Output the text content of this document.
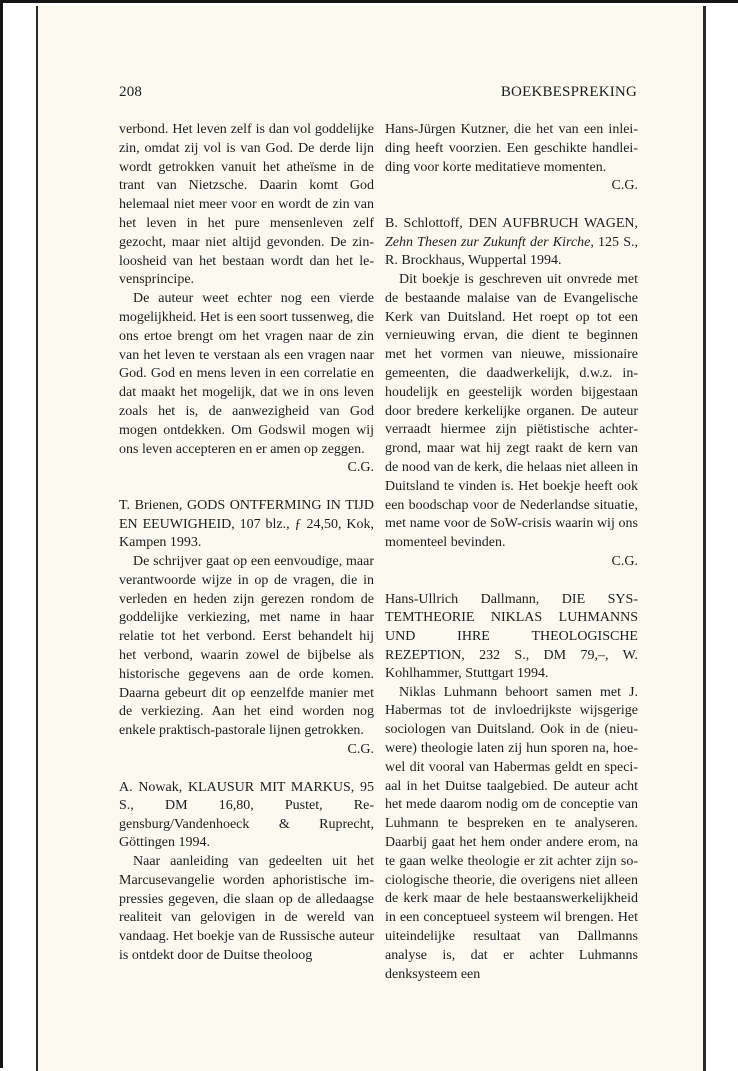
208	BOEKBESPREKING

verbond. Het leven zelf is dan vol goddelijke zin, omdat zij vol is van God. De derde lijn wordt getrokken vanuit het atheïsme in de trant van Nietzsche. Daarin komt God helemaal niet meer voor en wordt de zin van het leven in het pure mensenleven zelf gezocht, maar niet altijd gevonden. De zinloosheid van het bestaan wordt dan het levensprincipe.

De auteur weet echter nog een vierde mogelijkheid. Het is een soort tussenweg, die ons ertoe brengt om het vragen naar de zin van het leven te verstaan als een vragen naar God. God en mens leven in een correlatie en dat maakt het mogelijk, dat we in ons leven zoals het is, de aanwezigheid van God mogen ontdekken. Om Godswil mogen wij ons leven accepteren en er amen op zeggen.

C.G.

T. Brienen, GODS ONTFERMING IN TIJD EN EEUWIGHEID, 107 blz., ƒ 24,50, Kok, Kampen 1993.

De schrijver gaat op een eenvoudige, maar verantwoorde wijze in op de vragen, die in verleden en heden zijn gerezen rondom de goddelijke verkiezing, met name in haar relatie tot het verbond. Eerst behandelt hij het verbond, waarin zowel de bijbelse als historische gegevens aan de orde komen. Daarna gebeurt dit op eenzelfde manier met de verkiezing. Aan het eind worden nog enkele praktisch-pastorale lijnen getrokken.

C.G.

A. Nowak, KLAUSUR MIT MARKUS, 95 S., DM 16,80, Pustet, Regensburg/Vandenhoeck & Ruprecht, Göttingen 1994.

Naar aanleiding van gedeelten uit het Marcusevangelie worden aphoristische impressies gegeven, die slaan op de alledaagse realiteit van gelovigen in de wereld van vandaag. Het boekje van de Russische auteur is ontdekt door de Duitse theoloog

Hans-Jürgen Kutzner, die het van een inleiding heeft voorzien. Een geschikte handleiding voor korte meditatieve momenten.

C.G.

B. Schlottoff, DEN AUFBRUCH WAGEN, Zehn Thesen zur Zukunft der Kirche, 125 S., R. Brockhaus, Wuppertal 1994.

Dit boekje is geschreven uit onvrede met de bestaande malaise van de Evangelische Kerk van Duitsland. Het roept op tot een vernieuwing ervan, die dient te beginnen met het vormen van nieuwe, missionaire gemeenten, die daadwerkelijk, d.w.z. inhoudelijk en geestelijk worden bijgestaan door bredere kerkelijke organen. De auteur verraadt hiermee zijn piëtistische achtergrond, maar wat hij zegt raakt de kern van de nood van de kerk, die helaas niet alleen in Duitsland te vinden is. Het boekje heeft ook een boodschap voor de Nederlandse situatie, met name voor de SoW-crisis waarin wij ons momenteel bevinden.

C.G.

Hans-Ullrich Dallmann, DIE SYSTEMTHEORIE NIKLAS LUHMANNS UND IHRE THEOLOGISCHE REZEPTION, 232 S., DM 79,–, W. Kohlhammer, Stuttgart 1994.

Niklas Luhmann behoort samen met J. Habermas tot de invloedrijkste wijsgerige sociologen van Duitsland. Ook in de (nieuwere) theologie laten zij hun sporen na, hoewel dit vooral van Habermas geldt en speciaal in het Duitse taalgebied. De auteur acht het mede daarom nodig om de conceptie van Luhmann te bespreken en te analyseren. Daarbij gaat het hem onder andere erom, na te gaan welke theologie er zit achter zijn sociologische theorie, die overigens niet alleen de kerk maar de hele bestaanswerkelijkheid in een conceptueel systeem wil brengen. Het uiteindelijke resultaat van Dallmanns analyse is, dat er achter Luhmanns denksysteem een
